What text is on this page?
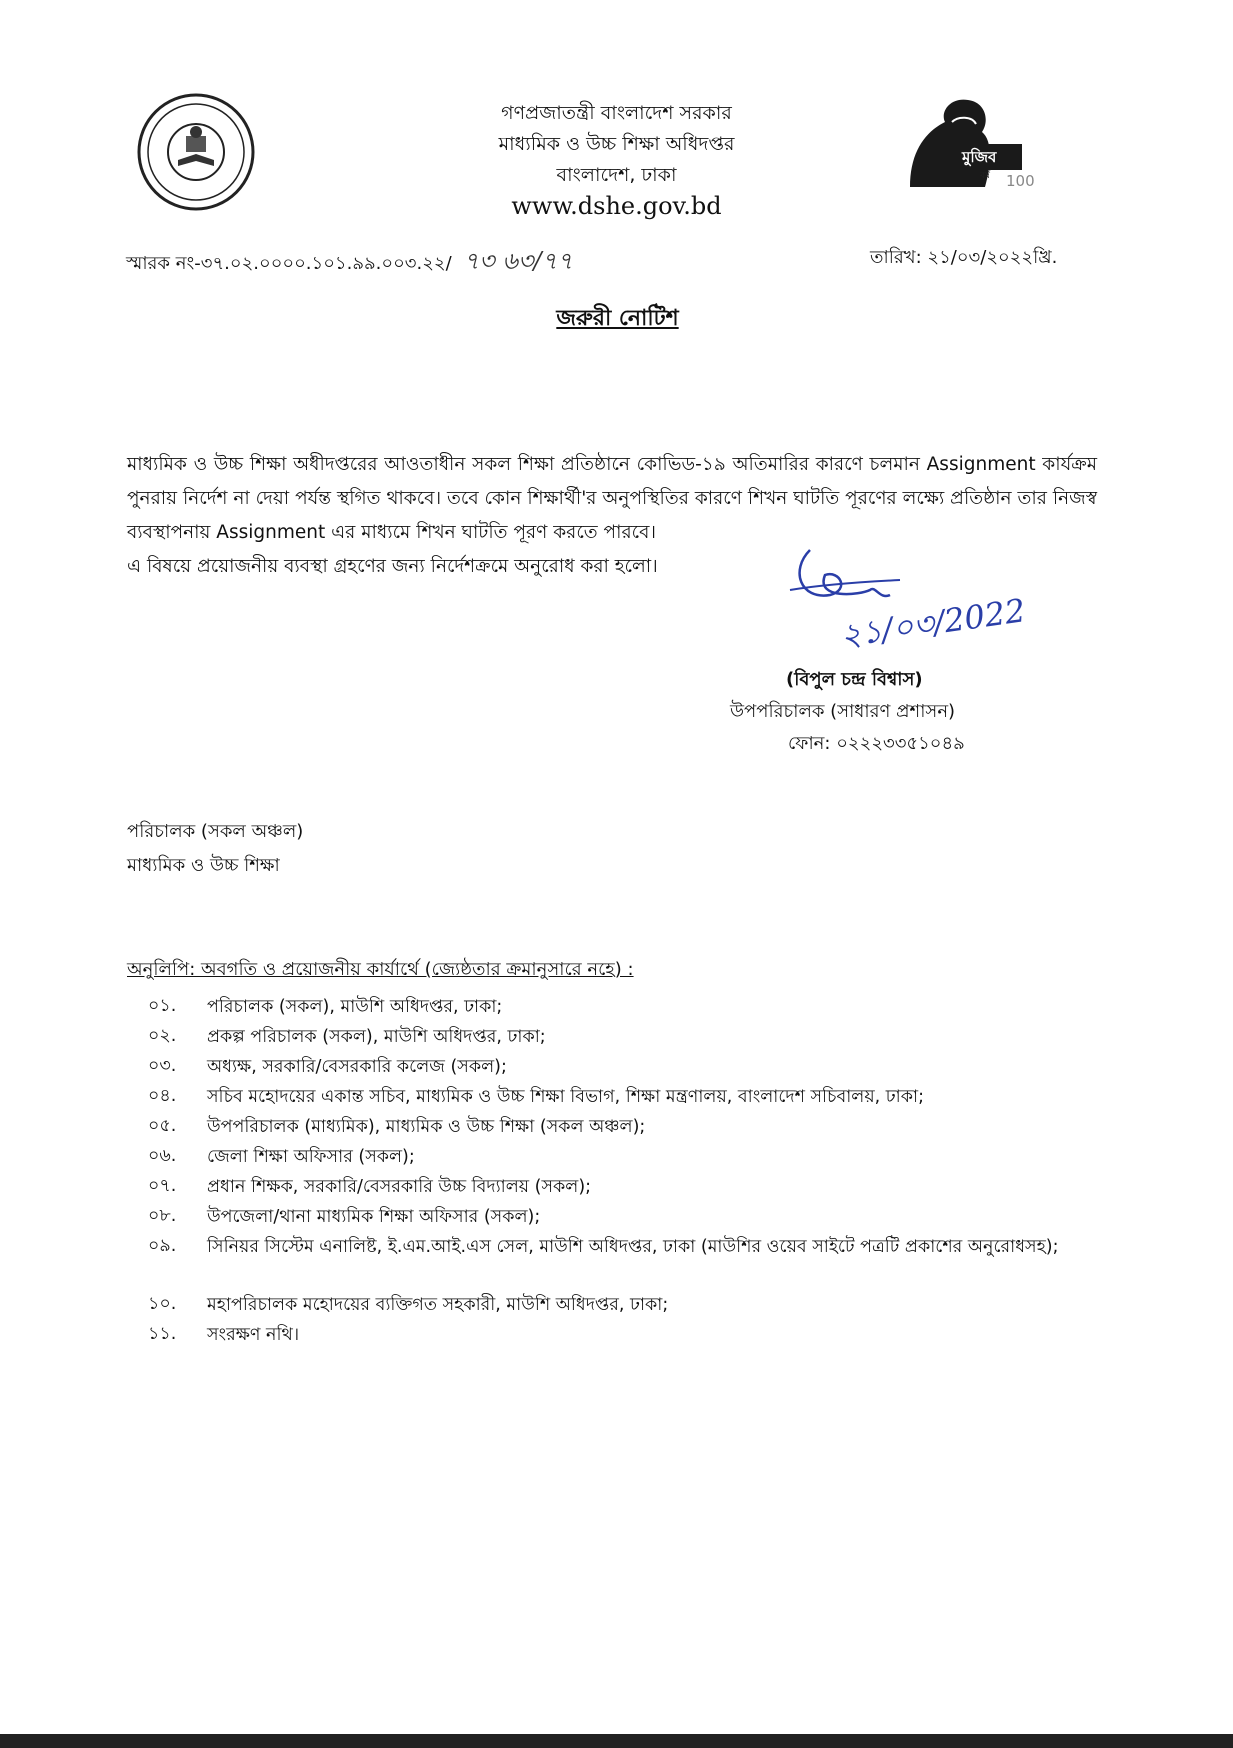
গণপ্রজাতন্ত্রী বাংলাদেশ সরকার
মাধ্যমিক ও উচ্চ শিক্ষা অধিদপ্তর
বাংলাদেশ, ঢাকা
www.dshe.gov.bd
মুজিব
বর্ষ 100
স্মারক নং-৩৭.০২.০০০০.১০১.৯৯.০০৩.২২/ ৭৩ ৬৩/৭৭	তারিখ: ২১/০৩/২০২২খ্রি.
জরুরী নোটিশ
মাধ্যমিক ও উচ্চ শিক্ষা অধীদপ্তরের আওতাধীন সকল শিক্ষা প্রতিষ্ঠানে কোভিড-১৯ অতিমারির কারণে চলমান Assignment কার্যক্রম পুনরায় নির্দেশ না দেয়া পর্যন্ত স্থগিত থাকবে। তবে কোন শিক্ষার্থী'র অনুপস্থিতির কারণে শিখন ঘাটতি পূরণের লক্ষ্যে প্রতিষ্ঠান তার নিজস্ব ব্যবস্থাপনায় Assignment এর মাধ্যমে শিখন ঘাটতি পূরণ করতে পারবে।
এ বিষয়ে প্রয়োজনীয় ব্যবস্থা গ্রহণের জন্য নির্দেশক্রমে অনুরোধ করা হলো।
২১/০৩/2022
(বিপুল চন্দ্র বিশ্বাস)
উপপরিচালক (সাধারণ প্রশাসন)
ফোন: ০২২২৩৩৫১০৪৯
পরিচালক (সকল অঞ্চল)
মাধ্যমিক ও উচ্চ শিক্ষা
অনুলিপি: অবগতি ও প্রয়োজনীয় কার্যার্থে (জ্যেষ্ঠতার ক্রমানুসারে নহে) :
০১.	পরিচালক (সকল), মাউশি অধিদপ্তর, ঢাকা;
০২.	প্রকল্প পরিচালক (সকল), মাউশি অধিদপ্তর, ঢাকা;
০৩.	অধ্যক্ষ, সরকারি/বেসরকারি কলেজ (সকল);
০৪.	সচিব মহোদয়ের একান্ত সচিব, মাধ্যমিক ও উচ্চ শিক্ষা বিভাগ, শিক্ষা মন্ত্রণালয়, বাংলাদেশ সচিবালয়, ঢাকা;
০৫.	উপপরিচালক (মাধ্যমিক), মাধ্যমিক ও উচ্চ শিক্ষা (সকল অঞ্চল);
০৬.	জেলা শিক্ষা অফিসার (সকল);
০৭.	প্রধান শিক্ষক, সরকারি/বেসরকারি উচ্চ বিদ্যালয় (সকল);
০৮.	উপজেলা/থানা মাধ্যমিক শিক্ষা অফিসার (সকল);
০৯.	সিনিয়র সিস্টেম এনালিষ্ট, ই.এম.আই.এস সেল, মাউশি অধিদপ্তর, ঢাকা (মাউশির ওয়েব সাইটে পত্রটি প্রকাশের অনুরোধসহ);
১০.	মহাপরিচালক মহোদয়ের ব্যক্তিগত সহকারী, মাউশি অধিদপ্তর, ঢাকা;
১১.	সংরক্ষণ নথি।
